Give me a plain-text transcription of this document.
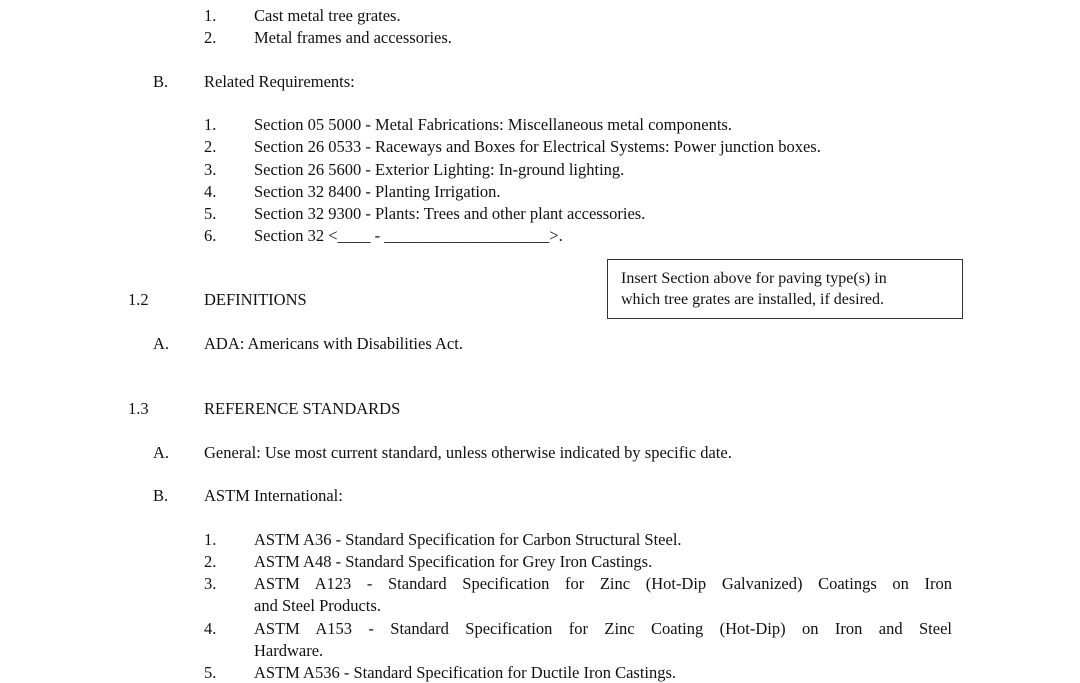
1. Cast metal tree grates.
2. Metal frames and accessories.
B. Related Requirements:
1. Section 05 5000 - Metal Fabrications: Miscellaneous metal components.
2. Section 26 0533 - Raceways and Boxes for Electrical Systems: Power junction boxes.
3. Section 26 5600 - Exterior Lighting: In-ground lighting.
4. Section 32 8400 - Planting Irrigation.
5. Section 32 9300 - Plants: Trees and other plant accessories.
6. Section 32 <____ - ____________________>.
Insert Section above for paving type(s) in
which tree grates are installed, if desired.
1.2	DEFINITIONS
A. ADA: Americans with Disabilities Act.
1.3	REFERENCE STANDARDS
A. General: Use most current standard, unless otherwise indicated by specific date.
B. ASTM International:
1. ASTM A36 - Standard Specification for Carbon Structural Steel.
2. ASTM A48 - Standard Specification for Grey Iron Castings.
3. ASTM A123 - Standard Specification for Zinc (Hot-Dip Galvanized) Coatings on Iron
and Steel Products.
4. ASTM A153 - Standard Specification for Zinc Coating (Hot-Dip) on Iron and Steel
Hardware.
5. ASTM A536 - Standard Specification for Ductile Iron Castings.
